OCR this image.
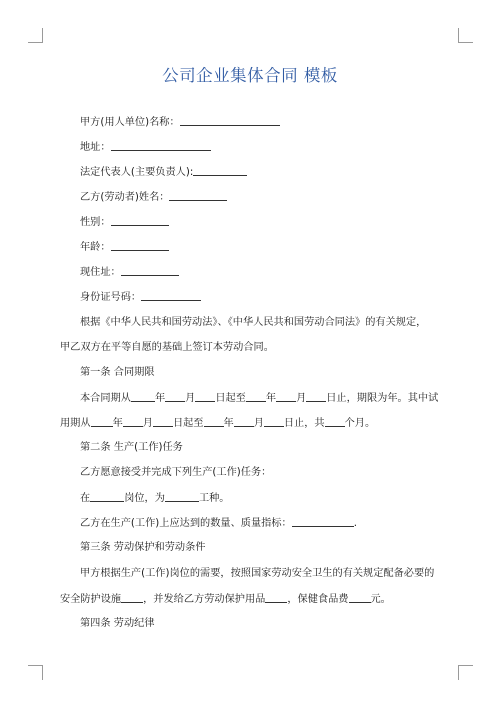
公司企业集体合同 模板
甲方(用人单位)名称：
地址：
法定代表人(主要负责人):
乙方(劳动者)姓名：
性别：
年龄：
现住址：
身份证号码：
根据《中华人民共和国劳动法》、《中华人民共和国劳动合同法》的有关规定，
甲乙双方在平等自愿的基础上签订本劳动合同。
第一条 合同期限
本合同期从 年 月 日起至 年 月 日止，期限为年。其中试
用期从 年 月 日起至 年 月 日止，共 个月。
第二条 生产(工作)任务
乙方愿意接受并完成下列生产(工作)任务：
在	岗位，为	工种。
乙方在生产(工作)上应达到的数量、质量指标：	.
第三条 劳动保护和劳动条件
甲方根据生产(工作)岗位的需要，按照国家劳动安全卫生的有关规定配备必要的
安全防护设施 ，并发给乙方劳动保护用品 ，保健食品费 元。
第四条 劳动纪律
